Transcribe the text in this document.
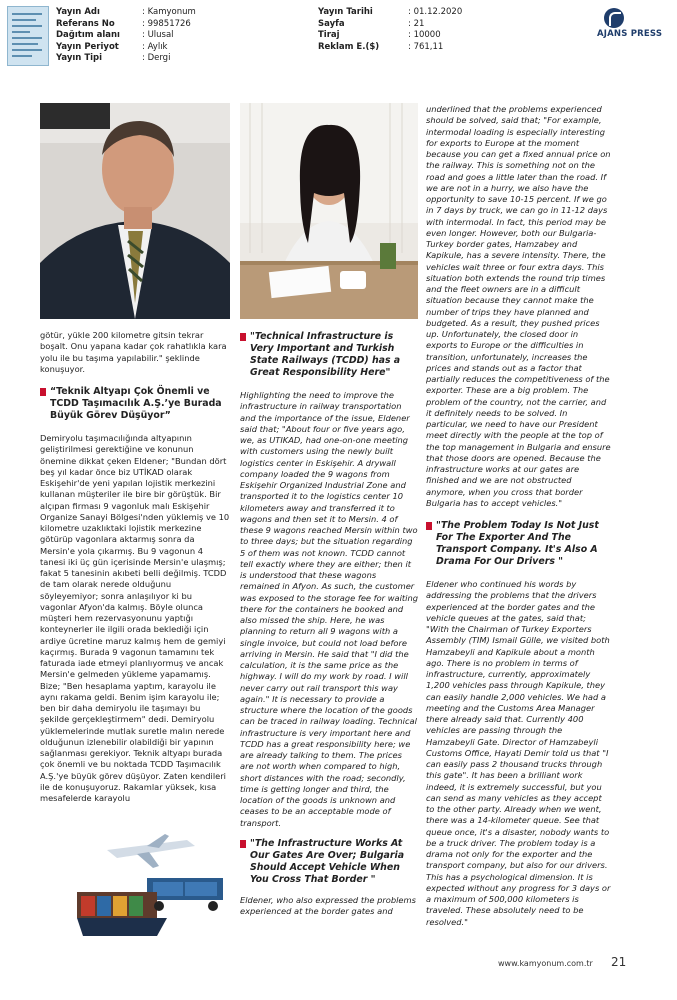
Yayın Adı	: Kamyonum
Referans No	: 99851726
Dağıtım alanı	: Ulusal
Yayın Periyot	: Aylık
Yayın Tipi	: Dergi
Yayın Tarihi	: 01.12.2020
Sayfa	: 21
Tiraj	: 10000
Reklam E.($)	: 761,11
AJANS PRESS

götür, yükle 200 kilometre gitsin tekrar boşalt. Onu yapana kadar çok rahatlıkla kara yolu ile bu taşıma yapılabilir." şeklinde konuşuyor.

“Teknik Altyapı Çok Önemli ve TCDD Taşımacılık A.Ş.’ye Burada Büyük Görev Düşüyor”

Demiryolu taşımacılığında altyapının geliştirilmesi gerektiğine ve konunun önemine dikkat çeken Eldener; "Bundan dört beş yıl kadar önce biz UTİKAD olarak Eskişehir'de yeni yapılan lojistik merkezini kullanan müşteriler ile bire bir görüştük. Bir alçıpan firması 9 vagonluk malı Eskişehir Organize Sanayi Bölgesi'nden yüklemiş ve 10 kilometre uzaklıktaki lojistik merkezine götürüp vagonlara aktarmış sonra da Mersin'e yola çıkarmış. Bu 9 vagonun 4 tanesi iki üç gün içerisinde Mersin'e ulaşmış; fakat 5 tanesinin akıbeti belli değilmiş. TCDD de tam olarak nerede olduğunu söyleyemiyor; sonra anlaşılıyor ki bu vagonlar Afyon'da kalmış. Böyle olunca müşteri hem rezervasyonunu yaptığı konteynerler ile ilgili orada beklediği için ardiye ücretine maruz kalmış hem de gemiyi kaçırmış. Burada 9 vagonun tamamını tek faturada iade etmeyi planlıyormuş ve ancak Mersin'e gelmeden yükleme yapamamış. Bize; "Ben hesaplama yaptım, karayolu ile aynı rakama geldi. Benim işim karayolu ile; ben bir daha demiryolu ile taşımayı bu şekilde gerçekleştirmem" dedi. Demiryolu yüklemelerinde mutlak suretle malın nerede olduğunun izlenebilir olabildiği bir yapının sağlanması gerekiyor. Teknik altyapı burada çok önemli ve bu noktada TCDD Taşımacılık A.Ş.'ye büyük görev düşüyor. Zaten kendileri ile de konuşuyoruz. Rakamlar yüksek, kısa mesafelerde karayolu

"Technical Infrastructure is Very Important and Turkish State Railways (TCDD) has a Great Responsibility Here"

Highlighting the need to improve the infrastructure in railway transportation and the importance of the issue, Eldener said that; "About four or five years ago, we, as UTIKAD, had one-on-one meeting with customers using the newly built logistics center in Eskişehir. A drywall company loaded the 9 wagons from Eskişehir Organized Industrial Zone and transported it to the logistics center 10 kilometers away and transferred it to wagons and then set it to Mersin. 4 of these 9 wagons reached Mersin within two to three days; but the situation regarding 5 of them was not known. TCDD cannot tell exactly where they are either; then it is understood that these wagons remained in Afyon. As such, the customer was exposed to the storage fee for waiting there for the containers he booked and also missed the ship. Here, he was planning to return all 9 wagons with a single invoice, but could not load before arriving in Mersin. He said that "I did the calculation, it is the same price as the highway. I will do my work by road. I will never carry out rail transport this way again." It is necessary to provide a structure where the location of the goods can be traced in railway loading. Technical infrastructure is very important here and TCDD has a great responsibility here; we are already talking to them. The prices are not worth when compared to high, short distances with the road; secondly, time is getting longer and third, the location of the goods is unknown and ceases to be an acceptable mode of transport.

"The Infrastructure Works At Our Gates Are Over; Bulgaria Should Accept Vehicle When You Cross That Border "

Eldener, who also expressed the problems experienced at the border gates and

underlined that the problems experienced should be solved, said that; "For example, intermodal loading is especially interesting for exports to Europe at the moment because you can get a fixed annual price on the railway. This is something not on the road and goes a little later than the road. If we are not in a hurry, we also have the opportunity to save 10-15 percent. If we go in 7 days by truck, we can go in 11-12 days with intermodal. In fact, this period may be even longer. However, both our Bulgaria-Turkey border gates, Hamzabey and Kapikule, has a severe intensity. There, the vehicles wait three or four extra days. This situation both extends the round trip times and the fleet owners are in a difficult situation because they cannot make the number of trips they have planned and budgeted. As a result, they pushed prices up. Unfortunately, the closed door in exports to Europe or the difficulties in transition, unfortunately, increases the prices and stands out as a factor that partially reduces the competitiveness of the exporter. These are a big problem. The problem of the country, not the carrier, and it definitely needs to be solved. In particular, we need to have our President meet directly with the people at the top of the top management in Bulgaria and ensure that those doors are opened. Because the infrastructure works at our gates are finished and we are not obstructed anymore, when you cross that border Bulgaria has to accept vehicles."

"The Problem Today Is Not Just For The Exporter And The Transport Company. It's Also A Drama For Our Drivers "

Eldener who continued his words by addressing the problems that the drivers experienced at the border gates and the vehicle queues at the gates, said that; "With the Chairman of Turkey Exporters Assembly (TIM) Ismail Gülle, we visited both Hamzabeyli and Kapikule about a month ago. There is no problem in terms of infrastructure, currently, approximately 1,200 vehicles pass through Kapikule, they can easily handle 2,000 vehicles. We had a meeting and the Customs Area Manager there already said that. Currently 400 vehicles are passing through the Hamzabeyli Gate. Director of Hamzabeyli Customs Office, Hayati Demir told us that "I can easily pass 2 thousand trucks through this gate". It has been a brilliant work indeed, it is extremely successful, but you can send as many vehicles as they accept to the other party. Already when we went, there was a 14-kilometer queue. See that queue once, it's a disaster, nobody wants to be a truck driver. The problem today is a drama not only for the exporter and the transport company, but also for our drivers. This has a psychological dimension. It is expected without any progress for 3 days or a maximum of 500,000 kilometers is traveled. These absolutely need to be resolved."

www.kamyonum.com.tr 21
